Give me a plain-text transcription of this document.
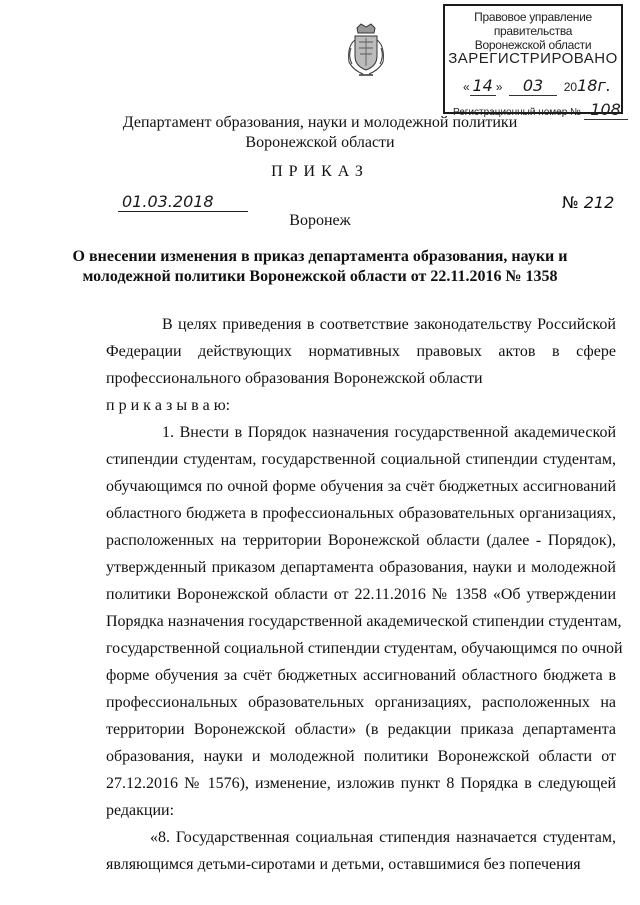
Правовое управление правительства
Воронежской области
ЗАРЕГИСТРИРОВАНО
« 14 » 03 2018г.
Регистрационный номер № 108
Департамент образования, науки и молодежной политики
Воронежской области
ПРИКАЗ
01.03.2018	№ 212
Воронеж
О внесении изменения в приказ департамента образования, науки и
молодежной политики Воронежской области от 22.11.2016 № 1358
В целях приведения в соответствие законодательству Российской
Федерации действующих нормативных правовых актов в сфере
профессионального образования Воронежской области
п р и к а з ы в а ю:
1. Внести в Порядок назначения государственной академической
стипендии студентам, государственной социальной стипендии студентам,
обучающимся по очной форме обучения за счёт бюджетных ассигнований
областного бюджета в профессиональных образовательных организациях,
расположенных на территории Воронежской области (далее - Порядок),
утвержденный приказом департамента образования, науки и молодежной
политики Воронежской области от 22.11.2016 № 1358 «Об утверждении
Порядка назначения государственной академической стипендии студентам,
государственной социальной стипендии студентам, обучающимся по очной
форме обучения за счёт бюджетных ассигнований областного бюджета в
профессиональных образовательных организациях, расположенных на
территории Воронежской области» (в редакции приказа департамента
образования, науки и молодежной политики Воронежской области от
27.12.2016 № 1576), изменение, изложив пункт 8 Порядка в следующей
редакции:
«8. Государственная социальная стипендия назначается студентам,
являющимся детьми-сиротами и детьми, оставшимися без попечения
